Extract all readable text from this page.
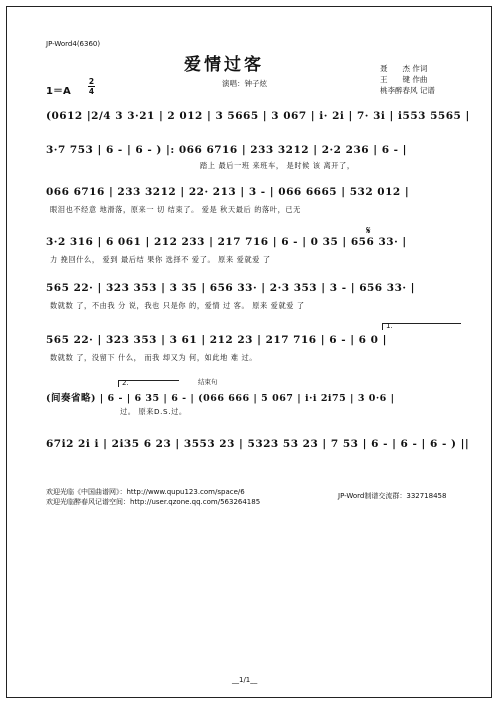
JP-Word4(6360)
爱情过客
演唱：钟子炫
聂　　杰 作词
王　　键 作曲
桃李醉春风 记谱
1＝A
2
4
(0612 |2/4 3 3·21 | 2 012 | 3 5665 | 3 067 | i· 2i | 7· 3i | i553 5565 |
3·7 753 | 6 - | 6 - ) |: 066 6716 | 233 3212 | 2·2 236 | 6 - |
踏上 最后一班 来班车， 是时候 该 离开了，
066 6716 | 233 3212 | 22· 213 | 3 - | 066 6665 | 532 012 |
眼泪也不经意 地滑落，原来一 切 结束了。 爱是 秋天最后 的落叶，已无
𝄋
3·2 316 | 6 061 | 212 233 | 217 716 | 6 - | 0 35 | 656 33· |
力 挽回什么， 爱到 最后结 果你 选择不 爱了。 原来 爱就爱 了
565 22· | 323 353 | 3 35 | 656 33· | 2·3 353 | 3 - | 656 33· |
数就数 了，不由我 分 说，我也 只是你 的，爱情 过 客。 原来 爱就爱 了
1.
565 22· | 323 353 | 3 61 | 212 23 | 217 716 | 6 - | 6 0 |
数就数 了，没留下 什么， 而我 却又为 何，如此地 难 过。
2.	结束句
(间奏省略) | 6 - | 6 35 | 6 - | (066 666 | 5 067 | i·i 2i75 | 3 0·6 |
过。 原来D.S.过。
67i2 2i i | 2i35 6 23 | 3553 23 | 5323 53 23 | 7 53 | 6 - | 6 - | 6 - ) ||
欢迎光临《中国曲谱网》：http://www.qupu123.com/space/6
欢迎光临醉春风记谱空间：http://user.qzone.qq.com/563264185
JP-Word制谱交流群：332718458
__1/1__
